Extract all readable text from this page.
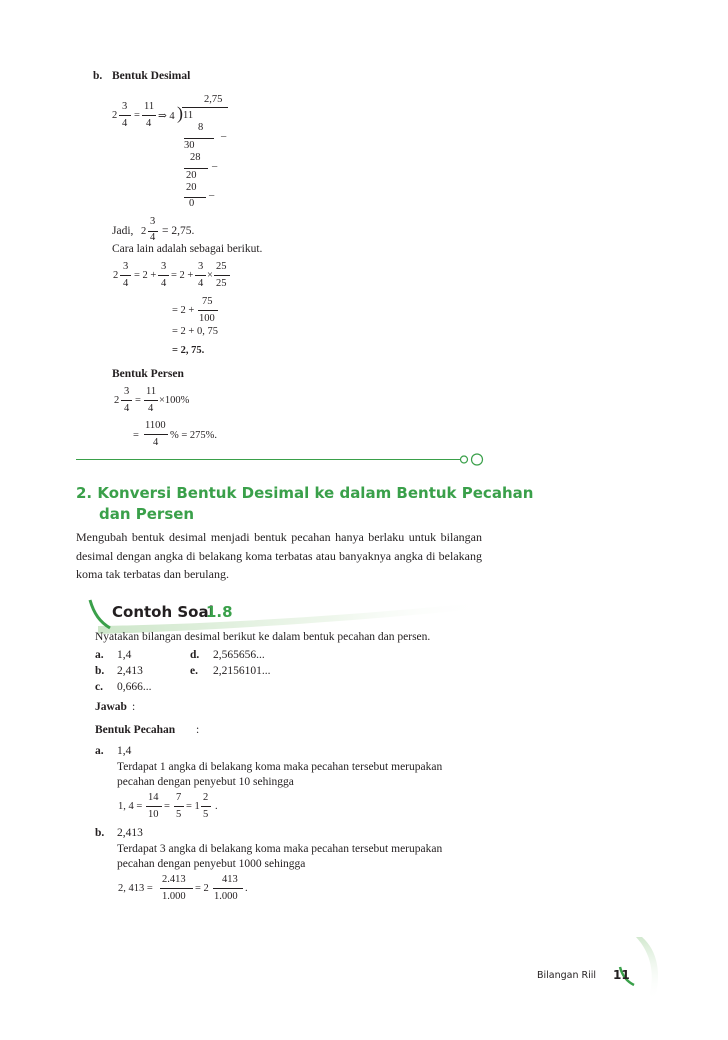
b. Bentuk Desimal
2
3
4
=
11
4
⇒ 4 )
2,75
11
8
–
30
28
–
20
20
–
0
Jadi, 2
3
4
= 2,75.
Cara lain adalah sebagai berikut.
2
3
4
= 2 +
3
4
= 2 +
3
4
×
25
25
= 2 +
75
100
= 2 + 0, 75
= 2, 75.
Bentuk Persen
2
3
4
=
11
4
×100%
=
1100
4
% = 275%.
2. Konversi Bentuk Desimal ke dalam Bentuk Pecahan
dan Persen
Mengubah bentuk desimal menjadi bentuk pecahan hanya berlaku untuk bilangan desimal dengan angka di belakang koma terbatas atau banyaknya angka di belakang koma tak terbatas dan berulang.
Contoh Soal
1.8
Nyatakan bilangan desimal berikut ke dalam bentuk pecahan dan persen.
a. 1,4
b. 2,413
c. 0,666...
d. 2,565656...
e. 2,2156101...
Jawab :
Bentuk Pecahan :
a. 1,4
Terdapat 1 angka di belakang koma maka pecahan tersebut merupakan
pecahan dengan penyebut 10 sehingga
1, 4 =
14
10
=
7
5
= 1
2
5
.
b. 2,413
Terdapat 3 angka di belakang koma maka pecahan tersebut merupakan
pecahan dengan penyebut 1000 sehingga
2, 413 =
2.413
1.000
= 2
413
1.000
.
Bilangan Riil 11
